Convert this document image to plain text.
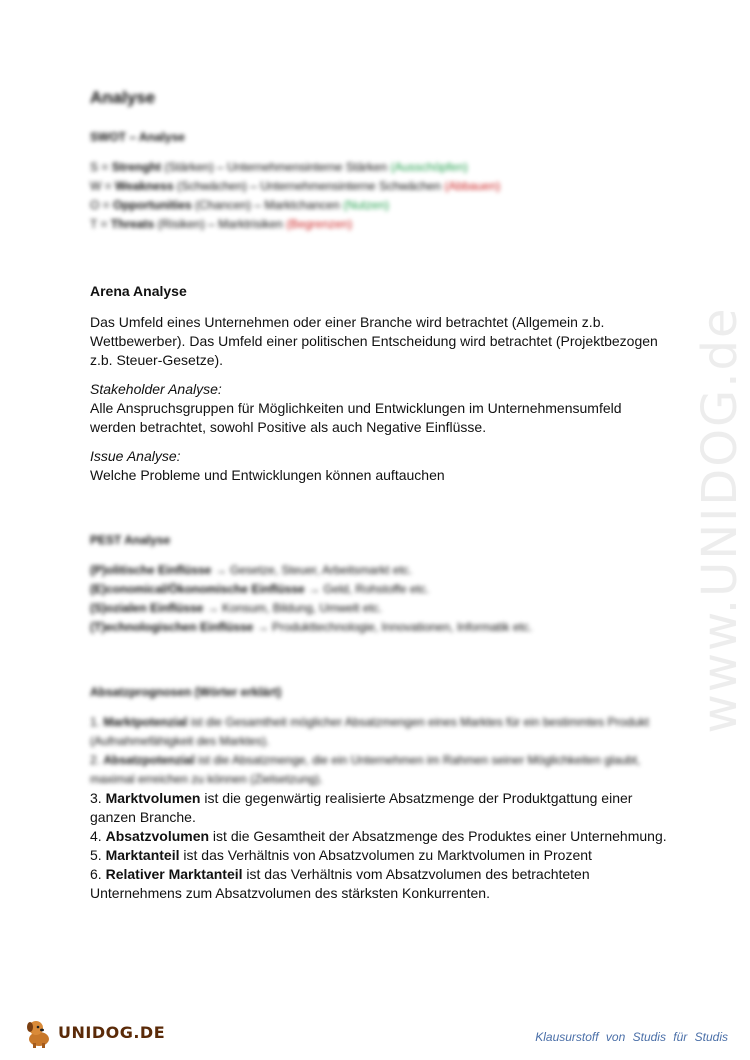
www.UNIDOG.de
Analyse
SWOT – Analyse
S = Strenght (Stärken) – Unternehmensinterne Stärken (Ausschöpfen)
W = Weakness (Schwächen) – Unternehmensinterne Schwächen (Abbauen)
O = Opportunities (Chancen) – Marktchancen (Nutzen)
T = Threats (Risiken) – Marktrisiken (Begrenzen)
Arena Analyse
Das Umfeld eines Unternehmen oder einer Branche wird betrachtet (Allgemein z.b. Wettbewerber). Das Umfeld einer politischen Entscheidung wird betrachtet (Projektbezogen z.b. Steuer-Gesetze).
Stakeholder Analyse:
Alle Anspruchsgruppen für Möglichkeiten und Entwicklungen im Unternehmensumfeld werden betrachtet, sowohl Positive als auch Negative Einflüsse.
Issue Analyse:
Welche Probleme und Entwicklungen können auftauchen
PEST Analyse
(P)olitische Einflüsse → Gesetze, Steuer, Arbeitsmarkt etc.
(E)conomical/Ökonomische Einflüsse → Geld, Rohstoffe etc.
(S)ozialen Einflüsse → Konsum, Bildung, Umwelt etc.
(T)echnologischen Einflüsse → Produkttechnologie, Innovationen, Informatik etc.
Absatzprognosen (Wörter erklärt)
1. Marktpotenzial ist die Gesamtheit möglicher Absatzmengen eines Marktes für ein bestimmtes Produkt (Aufnahmefähigkeit des Marktes).
2. Absatzpotenzial ist die Absatzmenge, die ein Unternehmen im Rahmen seiner Möglichkeiten glaubt, maximal erreichen zu können (Zielsetzung).
3. Marktvolumen ist die gegenwärtig realisierte Absatzmenge der Produktgattung einer ganzen Branche.
4. Absatzvolumen ist die Gesamtheit der Absatzmenge des Produktes einer Unternehmung.
5. Marktanteil ist das Verhältnis von Absatzvolumen zu Marktvolumen in Prozent
6. Relativer Marktanteil ist das Verhältnis vom Absatzvolumen des betrachteten Unternehmens zum Absatzvolumen des stärksten Konkurrenten.
UNIDOG.DE	Klausurstoff von Studis für Studis
